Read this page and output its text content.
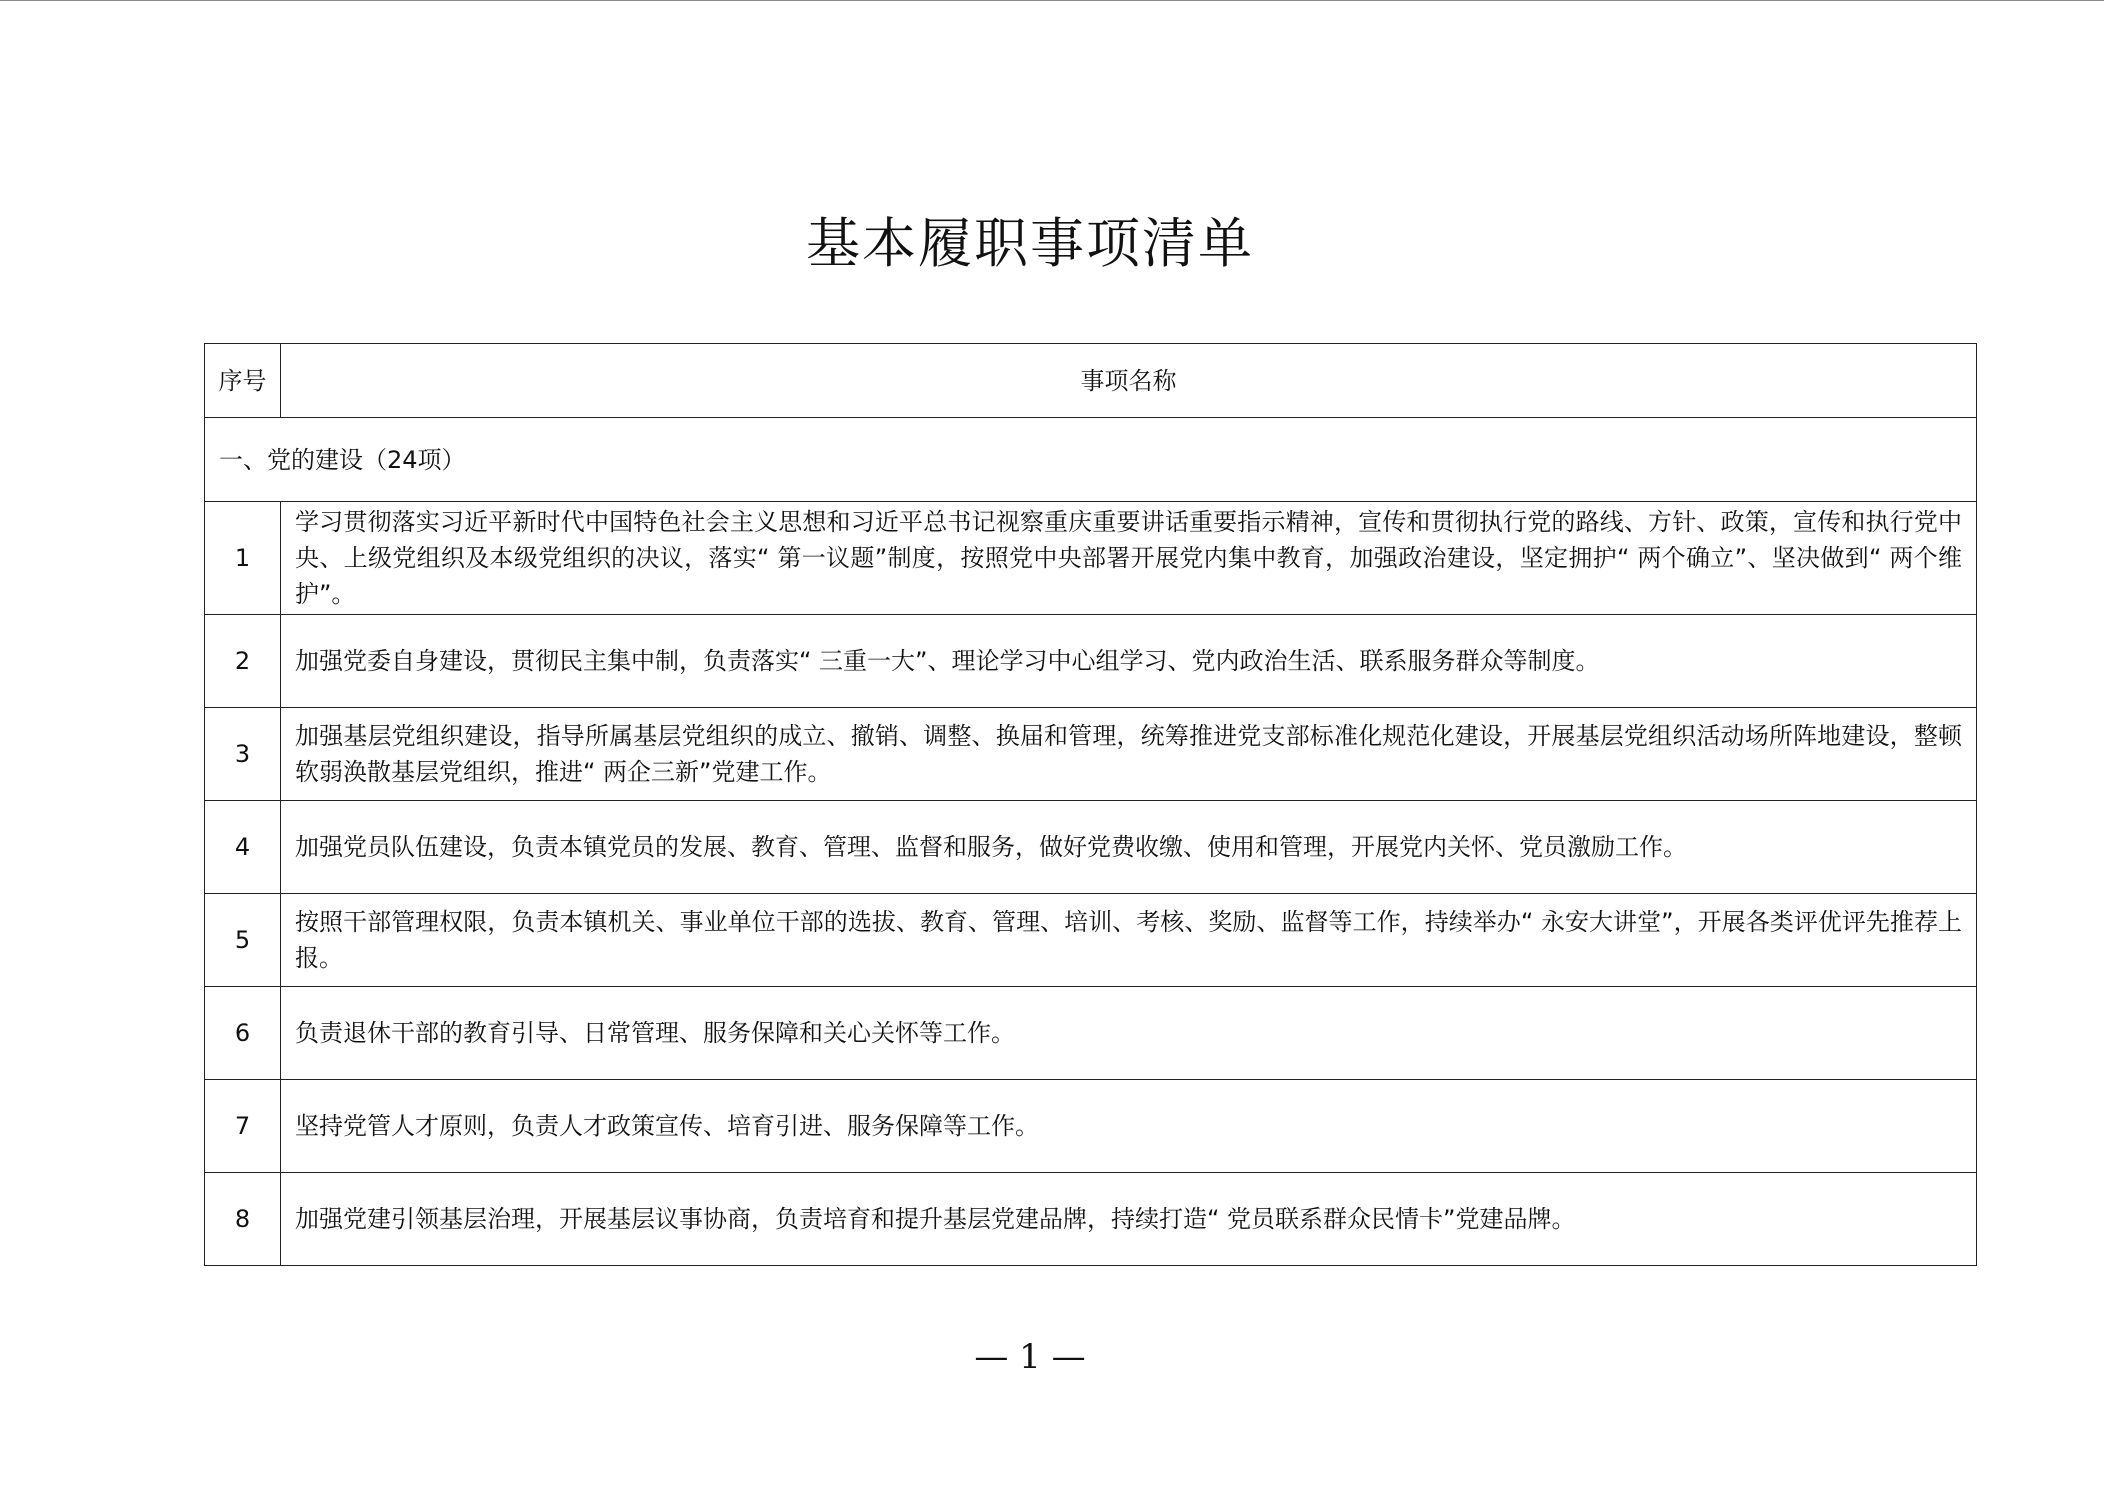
基本履职事项清单
序号	事项名称
一、党的建设（24项）	
1	学习贯彻落实习近平新时代中国特色社会主义思想和习近平总书记视察重庆重要讲话重要指示精神，宣传和贯彻执行党的路线、方针、政策，宣传和执行党中央、上级党组织及本级党组织的决议，落实“ 第一议题”制度，按照党中央部署开展党内集中教育，加强政治建设，坚定拥护“ 两个确立”、坚决做到“ 两个维护”。
2	加强党委自身建设，贯彻民主集中制，负责落实“ 三重一大”、理论学习中心组学习、党内政治生活、联系服务群众等制度。
3	加强基层党组织建设，指导所属基层党组织的成立、撤销、调整、换届和管理，统筹推进党支部标准化规范化建设，开展基层党组织活动场所阵地建设，整顿软弱涣散基层党组织，推进“ 两企三新”党建工作。
4	加强党员队伍建设，负责本镇党员的发展、教育、管理、监督和服务，做好党费收缴、使用和管理，开展党内关怀、党员激励工作。
5	按照干部管理权限，负责本镇机关、事业单位干部的选拔、教育、管理、培训、考核、奖励、监督等工作，持续举办“ 永安大讲堂”，开展各类评优评先推荐上报。
6	负责退休干部的教育引导、日常管理、服务保障和关心关怀等工作。
7	坚持党管人才原则，负责人才政策宣传、培育引进、服务保障等工作。
8	加强党建引领基层治理，开展基层议事协商，负责培育和提升基层党建品牌，持续打造“ 党员联系群众民情卡”党建品牌。
— 1 —
